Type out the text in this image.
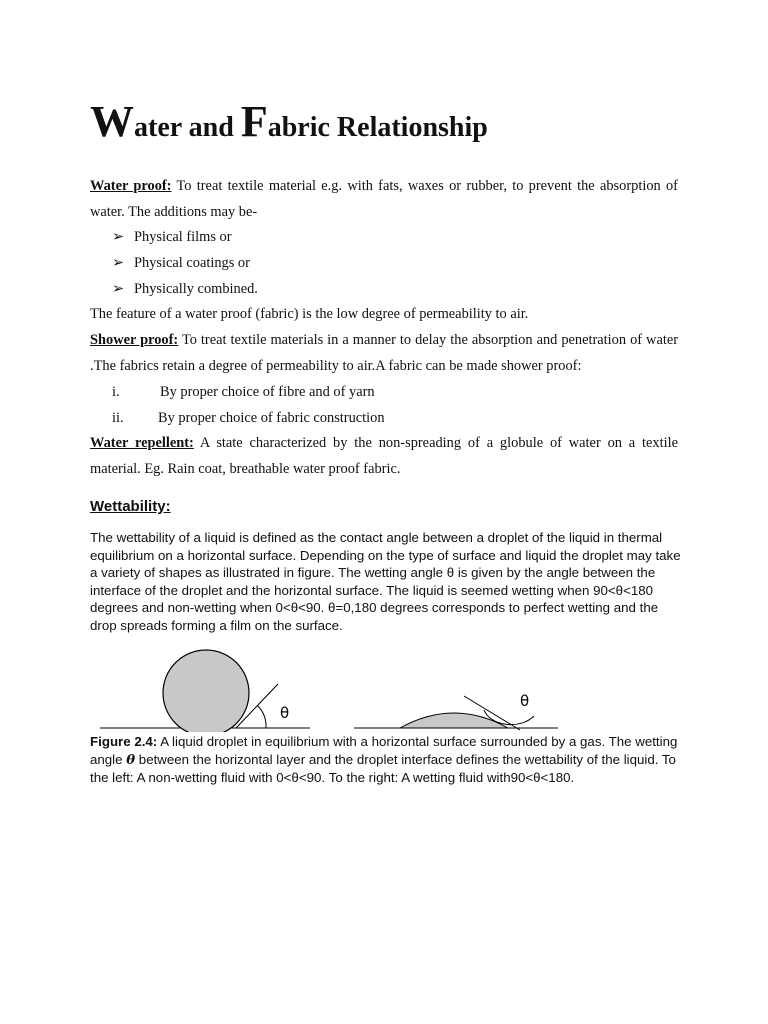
Water and Fabric Relationship
Water proof: To treat textile material e.g. with fats, waxes or rubber, to prevent the absorption of water. The additions may be-
➢ Physical films or
➢ Physical coatings or
➢ Physically combined.
The feature of a water proof (fabric) is the low degree of permeability to air.
Shower proof: To treat textile materials in a manner to delay the absorption and penetration of water .The fabrics retain a degree of permeability to air.A fabric can be made shower proof:
i.	By proper choice of fibre and of yarn
ii. By proper choice of fabric construction
Water repellent: A state characterized by the non-spreading of a globule of water on a textile material. Eg. Rain coat, breathable water proof fabric.
Wettability:
The wettability of a liquid is defined as the contact angle between a droplet of the liquid in thermal equilibrium on a horizontal surface. Depending on the type of surface and liquid the droplet may take a variety of shapes as illustrated in figure. The wetting angle θ is given by the angle between the interface of the droplet and the horizontal surface. The liquid is seemed wetting when 90<θ<180 degrees and non-wetting when 0<θ<90. θ=0,180 degrees corresponds to perfect wetting and the drop spreads forming a film on the surface.
θ
θ
Figure 2.4: A liquid droplet in equilibrium with a horizontal surface surrounded by a gas. The wetting angle θ between the horizontal layer and the droplet interface defines the wettability of the liquid. To the left: A non-wetting fluid with 0<θ<90. To the right: A wetting fluid with90<θ<180.
